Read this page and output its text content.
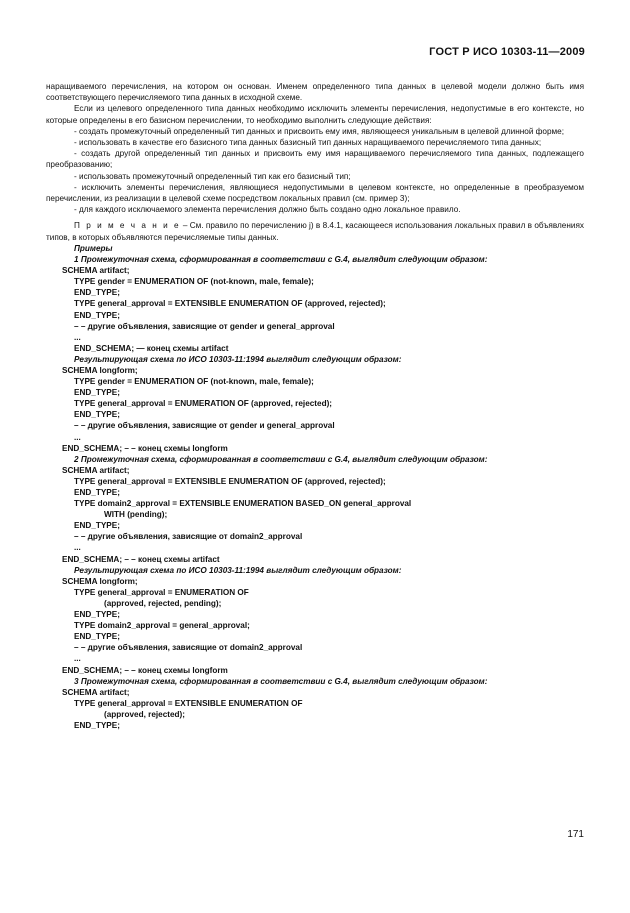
ГОСТ Р ИСО 10303-11—2009

наращиваемого перечисления, на котором он основан. Именем определенного типа данных в целевой модели должно быть имя соответствующего перечисляемого типа данных в исходной схеме.

Если из целевого определенного типа данных необходимо исключить элементы перечисления, недопустимые в его контексте, но которые определены в его базисном перечислении, то необходимо выполнить следующие действия:

- создать промежуточный определенный тип данных и присвоить ему имя, являющееся уникальным в целевой длинной форме;

- использовать в качестве его базисного типа данных базисный тип данных наращиваемого перечисляемого типа данных;

- создать другой определенный тип данных и присвоить ему имя наращиваемого перечисляемого типа данных, подлежащего преобразованию;

- использовать промежуточный определенный тип как его базисный тип;

- исключить элементы перечисления, являющиеся недопустимыми в целевом контексте, но определенные в преобразуемом перечислении, из реализации в целевой схеме посредством локальных правил (см. пример 3);

- для каждого исключаемого элемента перечисления должно быть создано одно локальное правило.

П р и м е ч а н и е – См. правило по перечислению j) в 8.4.1, касающееся использования локальных правил в объявлениях типов, в которых объявляются перечисляемые типы данных.

Примеры

1 Промежуточная схема, сформированная в соответствии с G.4, выглядит следующим образом:
SCHEMA artifact;
TYPE gender = ENUMERATION OF (not-known, male, female);
END_TYPE;
TYPE general_approval = EXTENSIBLE ENUMERATION OF (approved, rejected);
END_TYPE;
– – другие объявления, зависящие от gender и general_approval
...
END_SCHEMA; — конец схемы artifact
Результирующая схема по ИСО 10303-11:1994 выглядит следующим образом:
SCHEMA longform;
TYPE gender = ENUMERATION OF (not-known, male, female);
END_TYPE;
TYPE general_approval = ENUMERATION OF (approved, rejected);
END_TYPE;
– – другие объявления, зависящие от gender и general_approval
...
END_SCHEMA; – – конец схемы longform
2 Промежуточная схема, сформированная в соответствии с G.4, выглядит следующим образом:
SCHEMA artifact;
TYPE general_approval = EXTENSIBLE ENUMERATION OF (approved, rejected);
END_TYPE;
TYPE domain2_approval = EXTENSIBLE ENUMERATION BASED_ON general_approval
WITH (pending);
END_TYPE;
– – другие объявления, зависящие от domain2_approval
...
END_SCHEMA; – – конец схемы artifact
Результирующая схема по ИСО 10303-11:1994 выглядит следующим образом:
SCHEMA longform;
TYPE general_approval = ENUMERATION OF
(approved, rejected, pending);
END_TYPE;
TYPE domain2_approval = general_approval;
END_TYPE;
– – другие объявления, зависящие от domain2_approval
...
END_SCHEMA; – – конец схемы longform
3 Промежуточная схема, сформированная в соответствии с G.4, выглядит следующим образом:
SCHEMA artifact;
TYPE general_approval = EXTENSIBLE ENUMERATION OF
(approved, rejected);
END_TYPE;
171
